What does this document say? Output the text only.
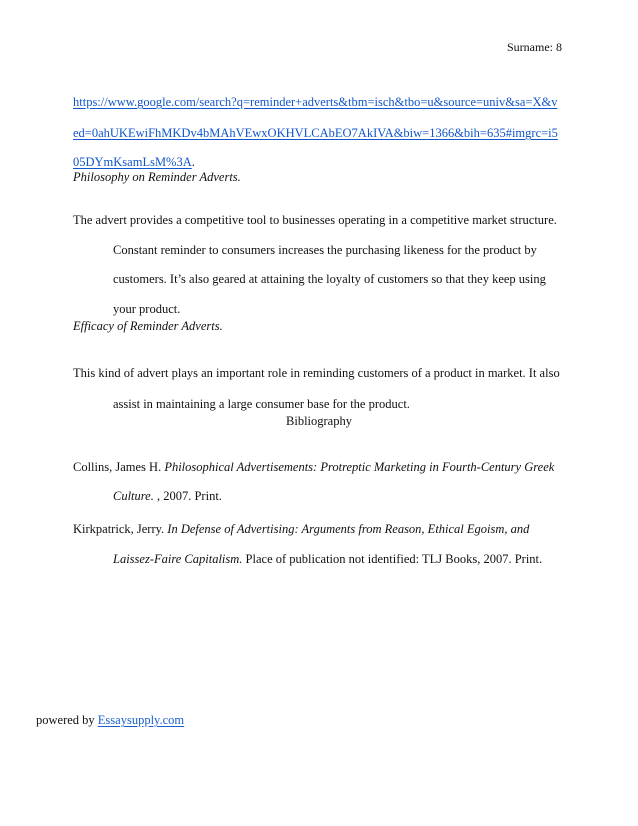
Surname: 8
https://www.google.com/search?q=reminder+adverts&tbm=isch&tbo=u&source=univ&sa=X&v
ed=0ahUKEwiFhMKDv4bMAhVEwxOKHVLCAbEO7AkIVA&biw=1366&bih=635#imgrc=i5
05DYmKsamLsM%3A.
Philosophy on Reminder Adverts.
The advert provides a competitive tool to businesses operating in a competitive market structure.
Constant reminder to consumers increases the purchasing likeness for the product by
customers. It’s also geared at attaining the loyalty of customers so that they keep using
your product.
Efficacy of Reminder Adverts.
This kind of advert plays an important role in reminding customers of a product in market. It also
assist in maintaining a large consumer base for the product.
Bibliography
Collins, James H. Philosophical Advertisements: Protreptic Marketing in Fourth-Century Greek
Culture. , 2007. Print.
Kirkpatrick, Jerry. In Defense of Advertising: Arguments from Reason, Ethical Egoism, and
Laissez-Faire Capitalism. Place of publication not identified: TLJ Books, 2007. Print.
powered by Essaysupply.com
